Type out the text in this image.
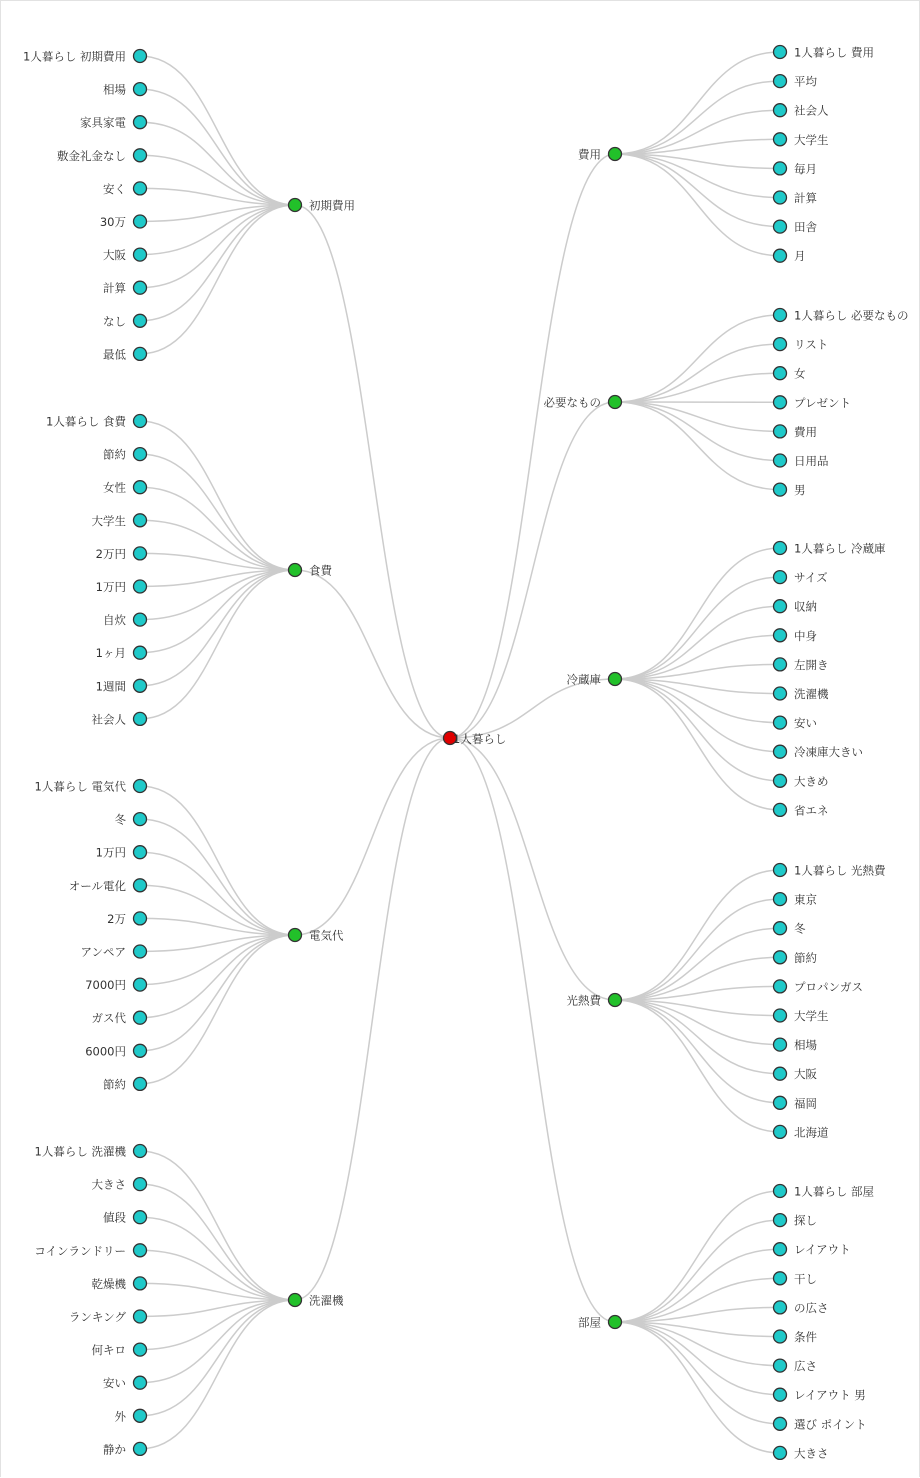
1人暮らし 初期費用
相場
家具家電
敷金礼金なし
安く
30万
大阪
計算
なし
最低
初期費用
1人暮らし 食費
節約
女性
大学生
2万円
1万円
自炊
1ヶ月
1週間
社会人
食費
1人暮らし 電気代
冬
1万円
オール電化
2万
アンペア
7000円
ガス代
6000円
節約
電気代
1人暮らし 洗濯機
大きさ
値段
コインランドリー
乾燥機
ランキング
何キロ
安い
外
静か
洗濯機
1人暮らし 費用
平均
社会人
大学生
毎月
計算
田舎
月
費用
1人暮らし 必要なもの
リスト
女
プレゼント
費用
日用品
男
必要なもの
1人暮らし 冷蔵庫
サイズ
収納
中身
左開き
洗濯機
安い
冷凍庫大きい
大きめ
省エネ
冷蔵庫
1人暮らし 光熱費
東京
冬
節約
プロパンガス
大学生
相場
大阪
福岡
北海道
光熱費
1人暮らし 部屋
探し
レイアウト
干し
の広さ
条件
広さ
レイアウト 男
選び ポイント
大きさ
部屋
1人暮らし
